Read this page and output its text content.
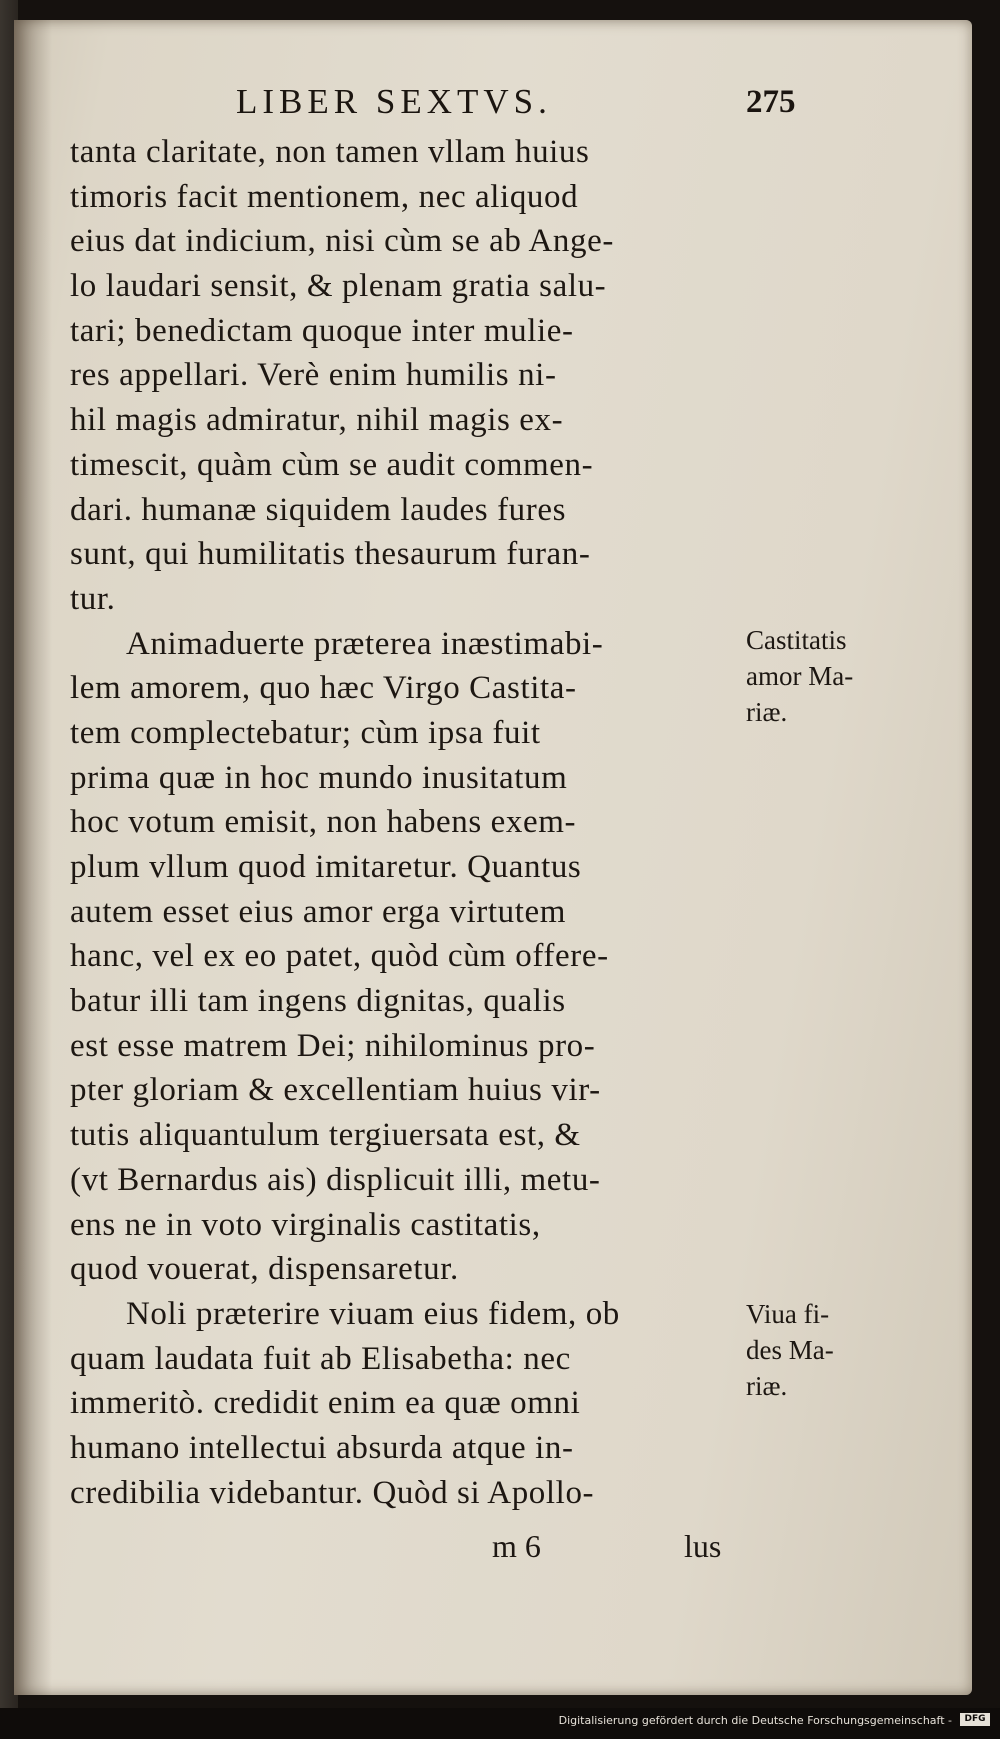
LIBER SEXTVS.	275
tanta claritate, non tamen vllam huius
timoris facit mentionem, nec aliquod
eius dat indicium, nisi cùm se ab Ange-
lo laudari sensit, & plenam gratia salu-
tari; benedictam quoque inter mulie-
res appellari. Verè enim humilis ni-
hil magis admiratur, nihil magis ex-
timescit, quàm cùm se audit commen-
dari. humanæ siquidem laudes fures
sunt, qui humilitatis thesaurum furan-
tur.
Animaduerte præterea inæstimabi-
lem amorem, quo hæc Virgo Castita-
tem complectebatur; cùm ipsa fuit
prima quæ in hoc mundo inusitatum
hoc votum emisit, non habens exem-
plum vllum quod imitaretur. Quantus
autem esset eius amor erga virtutem
hanc, vel ex eo patet, quòd cùm offere-
batur illi tam ingens dignitas, qualis
est esse matrem Dei; nihilominus pro-
pter gloriam & excellentiam huius vir-
tutis aliquantulum tergiuersata est, &
(vt Bernardus ais) displicuit illi, metu-
ens ne in voto virginalis castitatis,
quod vouerat, dispensaretur.
Noli præterire viuam eius fidem, ob
quam laudata fuit ab Elisabetha: nec
immeritò. credidit enim ea quæ omni
humano intellectui absurda atque in-
credibilia videbantur. Quòd si Apollo-
Castitatis
amor Ma-
riæ.
Viua fi-
des Ma-
riæ.
m 6	lus
Digitalisierung gefördert durch die Deutsche Forschungsgemeinschaft -	DFG
